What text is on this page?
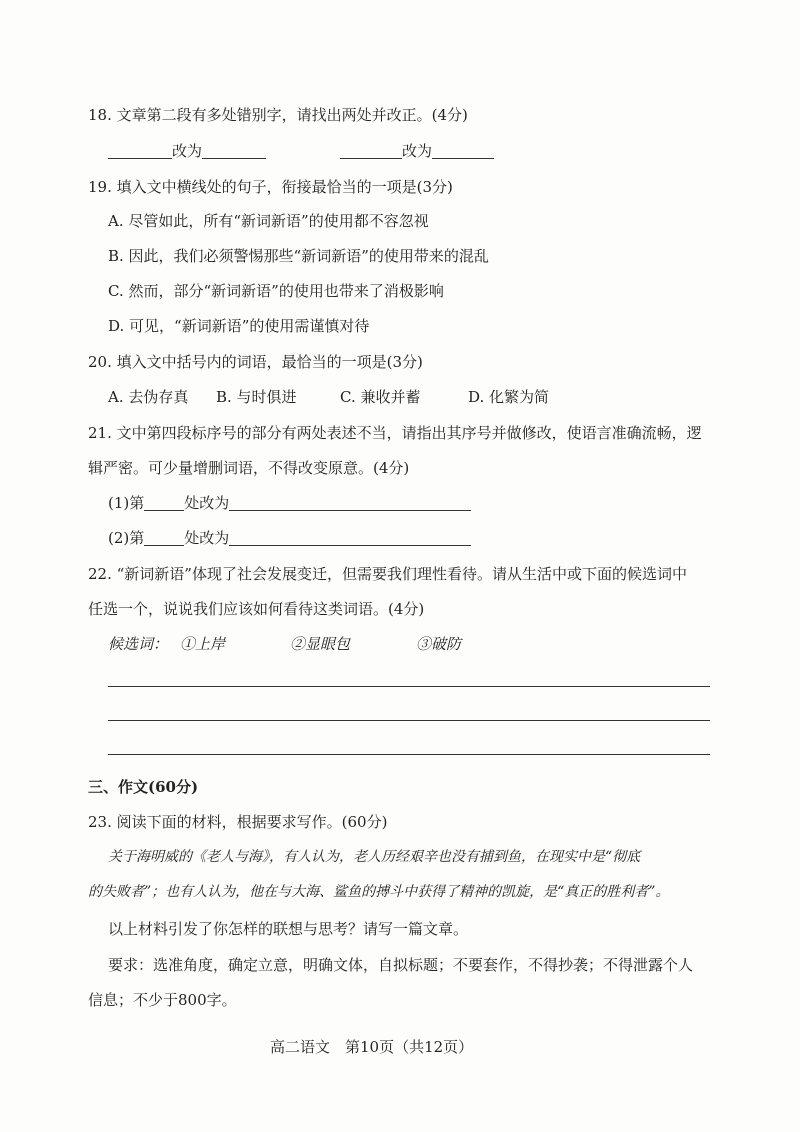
18. 文章第二段有多处错别字，请找出两处并改正。(4分)
改为	改为
19. 填入文中横线处的句子，衔接最恰当的一项是(3分)
A. 尽管如此，所有“新词新语”的使用都不容忽视
B. 因此，我们必须警惕那些“新词新语”的使用带来的混乱
C. 然而，部分“新词新语”的使用也带来了消极影响
D. 可见，“新词新语”的使用需谨慎对待
20. 填入文中括号内的词语，最恰当的一项是(3分)
A. 去伪存真 B. 与时俱进	C. 兼收并蓄	D. 化繁为简
21. 文中第四段标序号的部分有两处表述不当，请指出其序号并做修改，使语言准确流畅，逻
辑严密。可少量增删词语，不得改变原意。(4分)
(1)第	处改为
(2)第	处改为
22. “新词新语”体现了社会发展变迁，但需要我们理性看待。请从生活中或下面的候选词中
任选一个，说说我们应该如何看待这类词语。(4分)
候选词： ①上岸	②显眼包	③破防
三、作文(60分)
23. 阅读下面的材料，根据要求写作。(60分)
关于海明威的《老人与海》，有人认为，老人历经艰辛也没有捕到鱼，在现实中是“彻底
的失败者”；也有人认为，他在与大海、鲨鱼的搏斗中获得了精神的凯旋，是“真正的胜利者”。
以上材料引发了你怎样的联想与思考？请写一篇文章。
要求：选准角度，确定立意，明确文体，自拟标题；不要套作，不得抄袭；不得泄露个人
信息；不少于800字。
高二语文　第10页（共12页）
